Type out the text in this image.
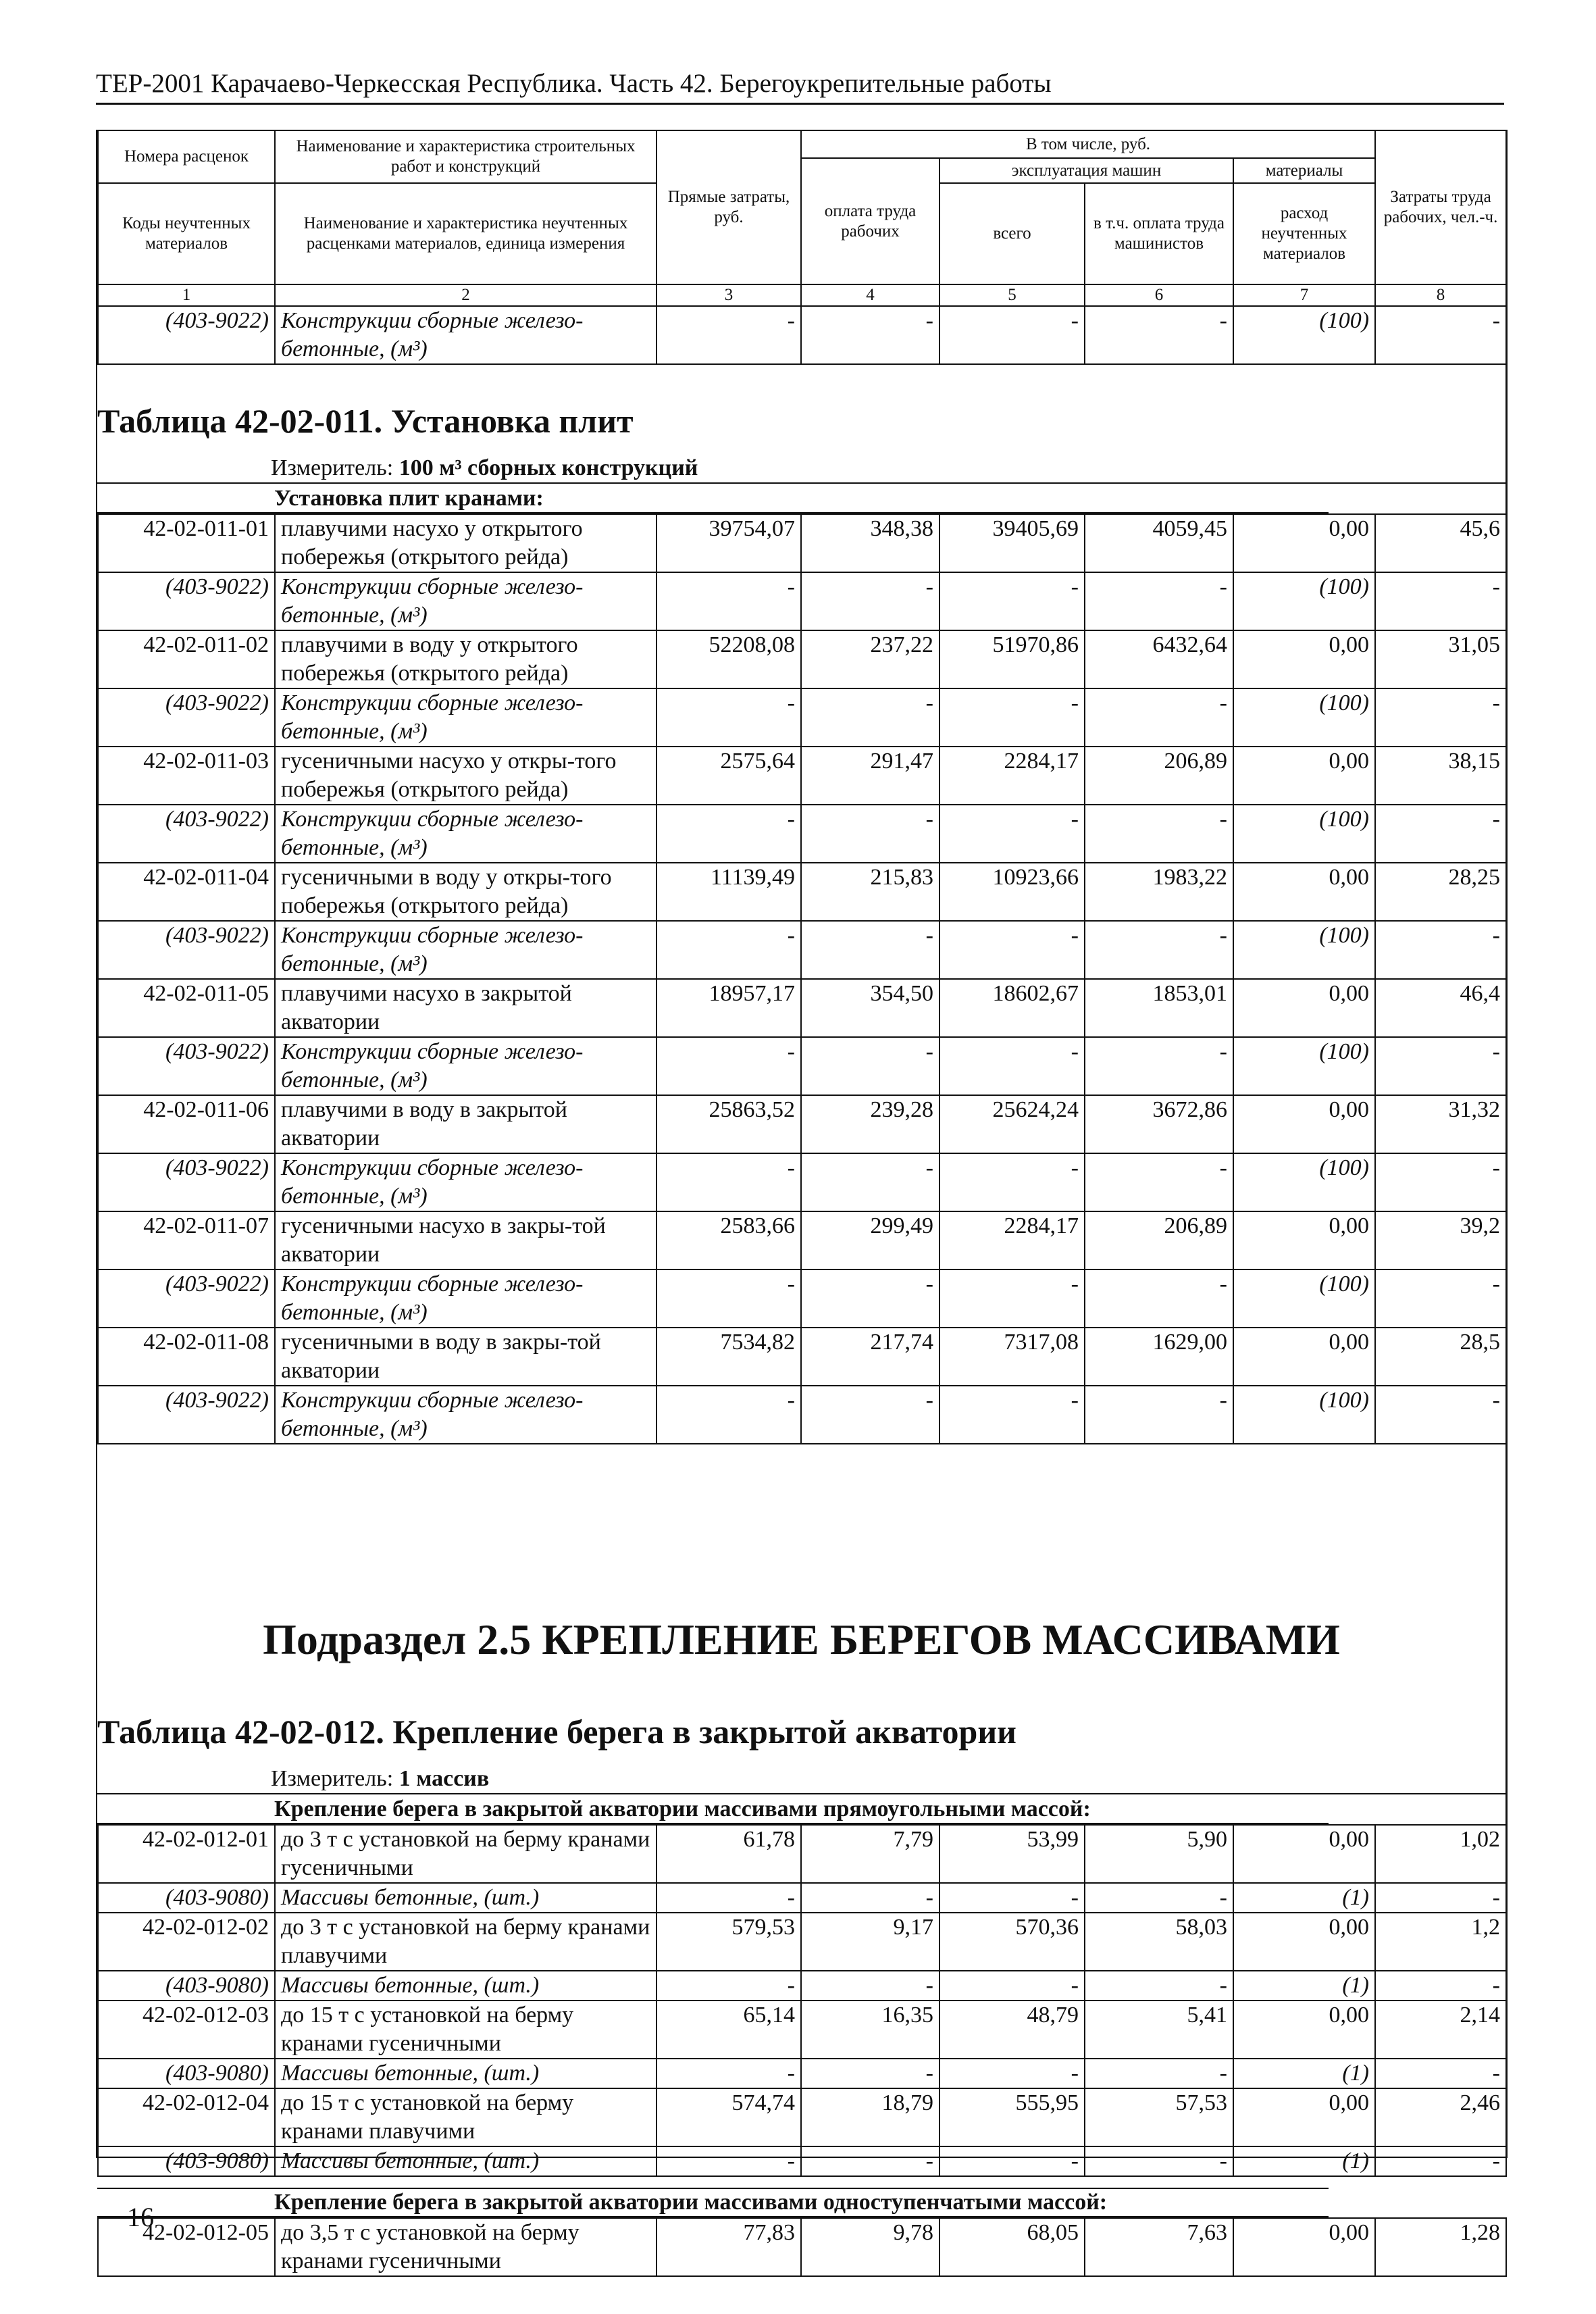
ТЕР-2001 Карачаево-Черкесская Республика. Часть 42. Берегоукрепительные работы
Номера расценок	Наименование и характеристика строительных работ и конструкций	Прямые затраты, руб.	В том числе, руб.				Затраты труда рабочих, чел.-ч.
			оплата труда рабочих	эксплуатация машин		материалы	
Коды неучтенных материалов	Наименование и характеристика неучтенных расценками материалов, единица измерения			всего	в т.ч. оплата труда машинистов	расход неучтенных материалов	

1	2	3	4	5	6	7	8
(403-9022)	Конструкции сборные железо-бетонные, (м³)	-	-	-	-	(100)	-
Таблица 42-02-011. Установка плит
Измеритель: 100 м³ сборных конструкций
Установка плит кранами:
42-02-011-01	плавучими насухо у открытого побережья (открытого рейда)	39754,07	348,38	39405,69	4059,45	0,00	45,6
(403-9022)	Конструкции сборные железо-бетонные, (м³)	-	-	-	-	(100)	-
42-02-011-02	плавучими в воду у открытого побережья (открытого рейда)	52208,08	237,22	51970,86	6432,64	0,00	31,05
(403-9022)	Конструкции сборные железо-бетонные, (м³)	-	-	-	-	(100)	-
42-02-011-03	гусеничными насухо у откры-того побережья (открытого рейда)	2575,64	291,47	2284,17	206,89	0,00	38,15
(403-9022)	Конструкции сборные железо-бетонные, (м³)	-	-	-	-	(100)	-
42-02-011-04	гусеничными в воду у откры-того побережья (открытого рейда)	11139,49	215,83	10923,66	1983,22	0,00	28,25
(403-9022)	Конструкции сборные железо-бетонные, (м³)	-	-	-	-	(100)	-
42-02-011-05	плавучими насухо в закрытой акватории	18957,17	354,50	18602,67	1853,01	0,00	46,4
(403-9022)	Конструкции сборные железо-бетонные, (м³)	-	-	-	-	(100)	-
42-02-011-06	плавучими в воду в закрытой акватории	25863,52	239,28	25624,24	3672,86	0,00	31,32
(403-9022)	Конструкции сборные железо-бетонные, (м³)	-	-	-	-	(100)	-
42-02-011-07	гусеничными насухо в закры-той акватории	2583,66	299,49	2284,17	206,89	0,00	39,2
(403-9022)	Конструкции сборные железо-бетонные, (м³)	-	-	-	-	(100)	-
42-02-011-08	гусеничными в воду в закры-той акватории	7534,82	217,74	7317,08	1629,00	0,00	28,5
(403-9022)	Конструкции сборные железо-бетонные, (м³)	-	-	-	-	(100)	-
Подраздел 2.5 КРЕПЛЕНИЕ БЕРЕГОВ МАССИВАМИ
Таблица 42-02-012. Крепление берега в закрытой акватории
Измеритель: 1 массив
Крепление берега в закрытой акватории массивами прямоугольными массой:
42-02-012-01	до 3 т с установкой на берму кранами гусеничными	61,78	7,79	53,99	5,90	0,00	1,02
(403-9080)	Массивы бетонные, (шт.)	-	-	-	-	(1)	-
42-02-012-02	до 3 т с установкой на берму кранами плавучими	579,53	9,17	570,36	58,03	0,00	1,2
(403-9080)	Массивы бетонные, (шт.)	-	-	-	-	(1)	-
42-02-012-03	до 15 т с установкой на берму кранами гусеничными	65,14	16,35	48,79	5,41	0,00	2,14
(403-9080)	Массивы бетонные, (шт.)	-	-	-	-	(1)	-
42-02-012-04	до 15 т с установкой на берму кранами плавучими	574,74	18,79	555,95	57,53	0,00	2,46
(403-9080)	Массивы бетонные, (шт.)	-	-	-	-	(1)	-
Крепление берега в закрытой акватории массивами одноступенчатыми массой:
42-02-012-05	до 3,5 т с установкой на берму кранами гусеничными	77,83	9,78	68,05	7,63	0,00	1,28
16
